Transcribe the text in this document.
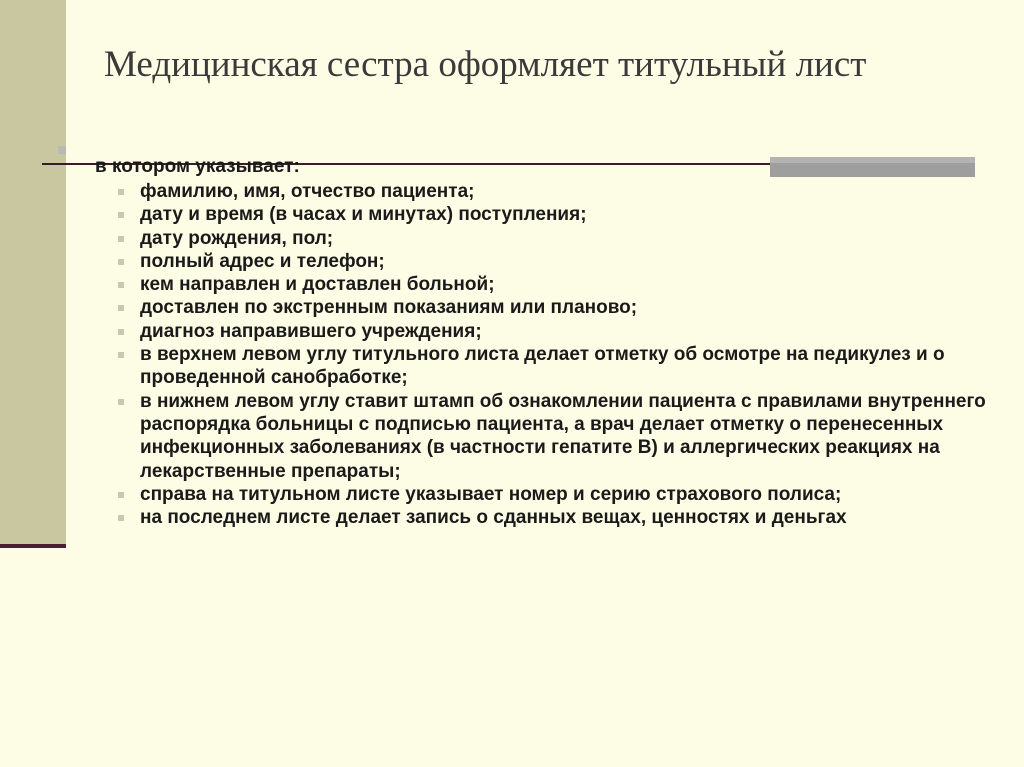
Медицинская сестра оформляет титульный лист

в котором указывает:

фамилию, имя, отчество пациента;
дату и время (в часах и минутах) поступления;
дату рождения, пол;
полный адрес и телефон;
кем направлен и доставлен больной;
доставлен по экстренным показаниям или планово;
диагноз направившего учреждения;
в верхнем левом углу титульного листа делает отметку об осмотре на педикулез и о проведенной санобработке;
в нижнем левом углу ставит штамп об ознакомлении пациента с правилами внутреннего распорядка больницы с подписью пациента, а врач делает отметку о перенесенных инфекционных заболеваниях (в частности гепатите В) и аллергических реакциях на лекарственные препараты;
справа на титульном листе указывает номер и серию страхового полиса;
на последнем листе делает запись о сданных вещах, ценностях и деньгах
